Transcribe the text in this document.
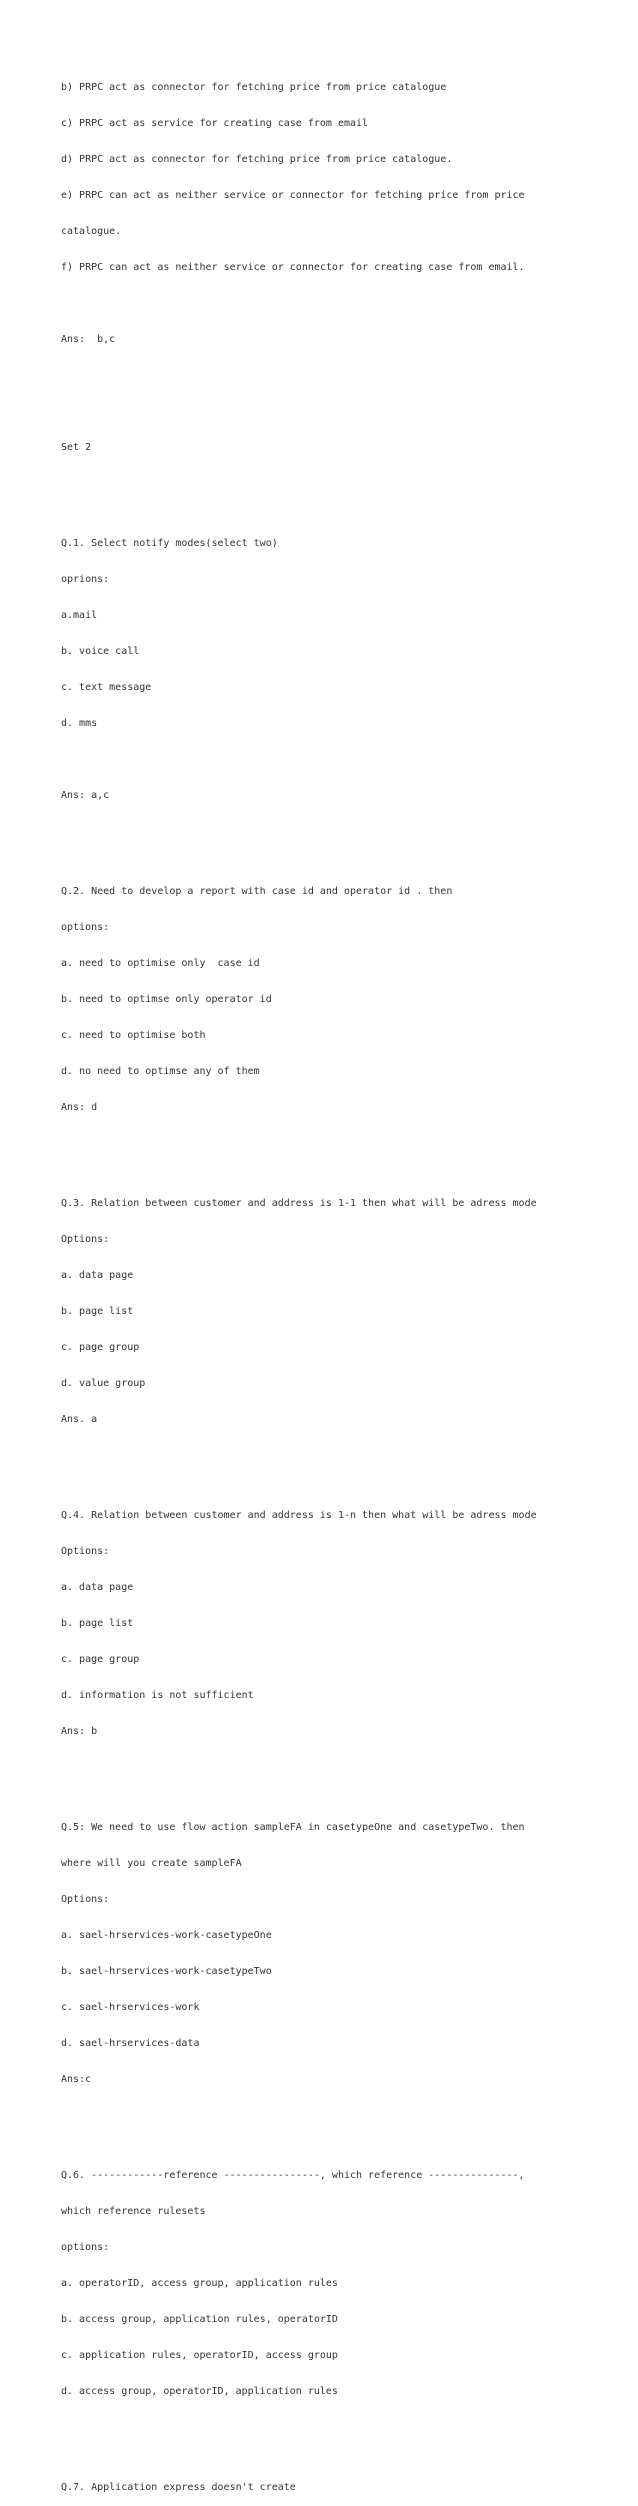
b) PRPC act as connector for fetching price from price catalogue

c) PRPC act as service for creating case from email

d) PRPC act as connector for fetching price from price catalogue.

e) PRPC can act as neither service or connector for fetching price from price

catalogue.

f) PRPC can act as neither service or connector for creating case from email.

Ans:  b,c

Set 2

Q.1. Select notify modes(select two)

oprions:

a.mail

b. voice call

c. text message

d. mms

Ans: a,c

Q.2. Need to develop a report with case id and operator id . then

options:

a. need to optimise only  case id

b. need to optimse only operator id

c. need to optimise both

d. no need to optimse any of them

Ans: d

Q.3. Relation between customer and address is 1-1 then what will be adress mode

Options:

a. data page

b. page list

c. page group

d. value group

Ans. a

Q.4. Relation between customer and address is 1-n then what will be adress mode

Options:

a. data page

b. page list

c. page group

d. information is not sufficient

Ans: b

Q.5: We need to use flow action sampleFA in casetypeOne and casetypeTwo. then

where will you create sampleFA

Options:

a. sael-hrservices-work-casetypeOne

b. sael-hrservices-work-casetypeTwo

c. sael-hrservices-work

d. sael-hrservices-data

Ans:c

Q.6. ------------reference ----------------, which reference ---------------,

which reference rulesets

options:

a. operatorID, access group, application rules

b. access group, application rules, operatorID

c. application rules, operatorID, access group

d. access group, operatorID, application rules

Q.7. Application express doesn't create
